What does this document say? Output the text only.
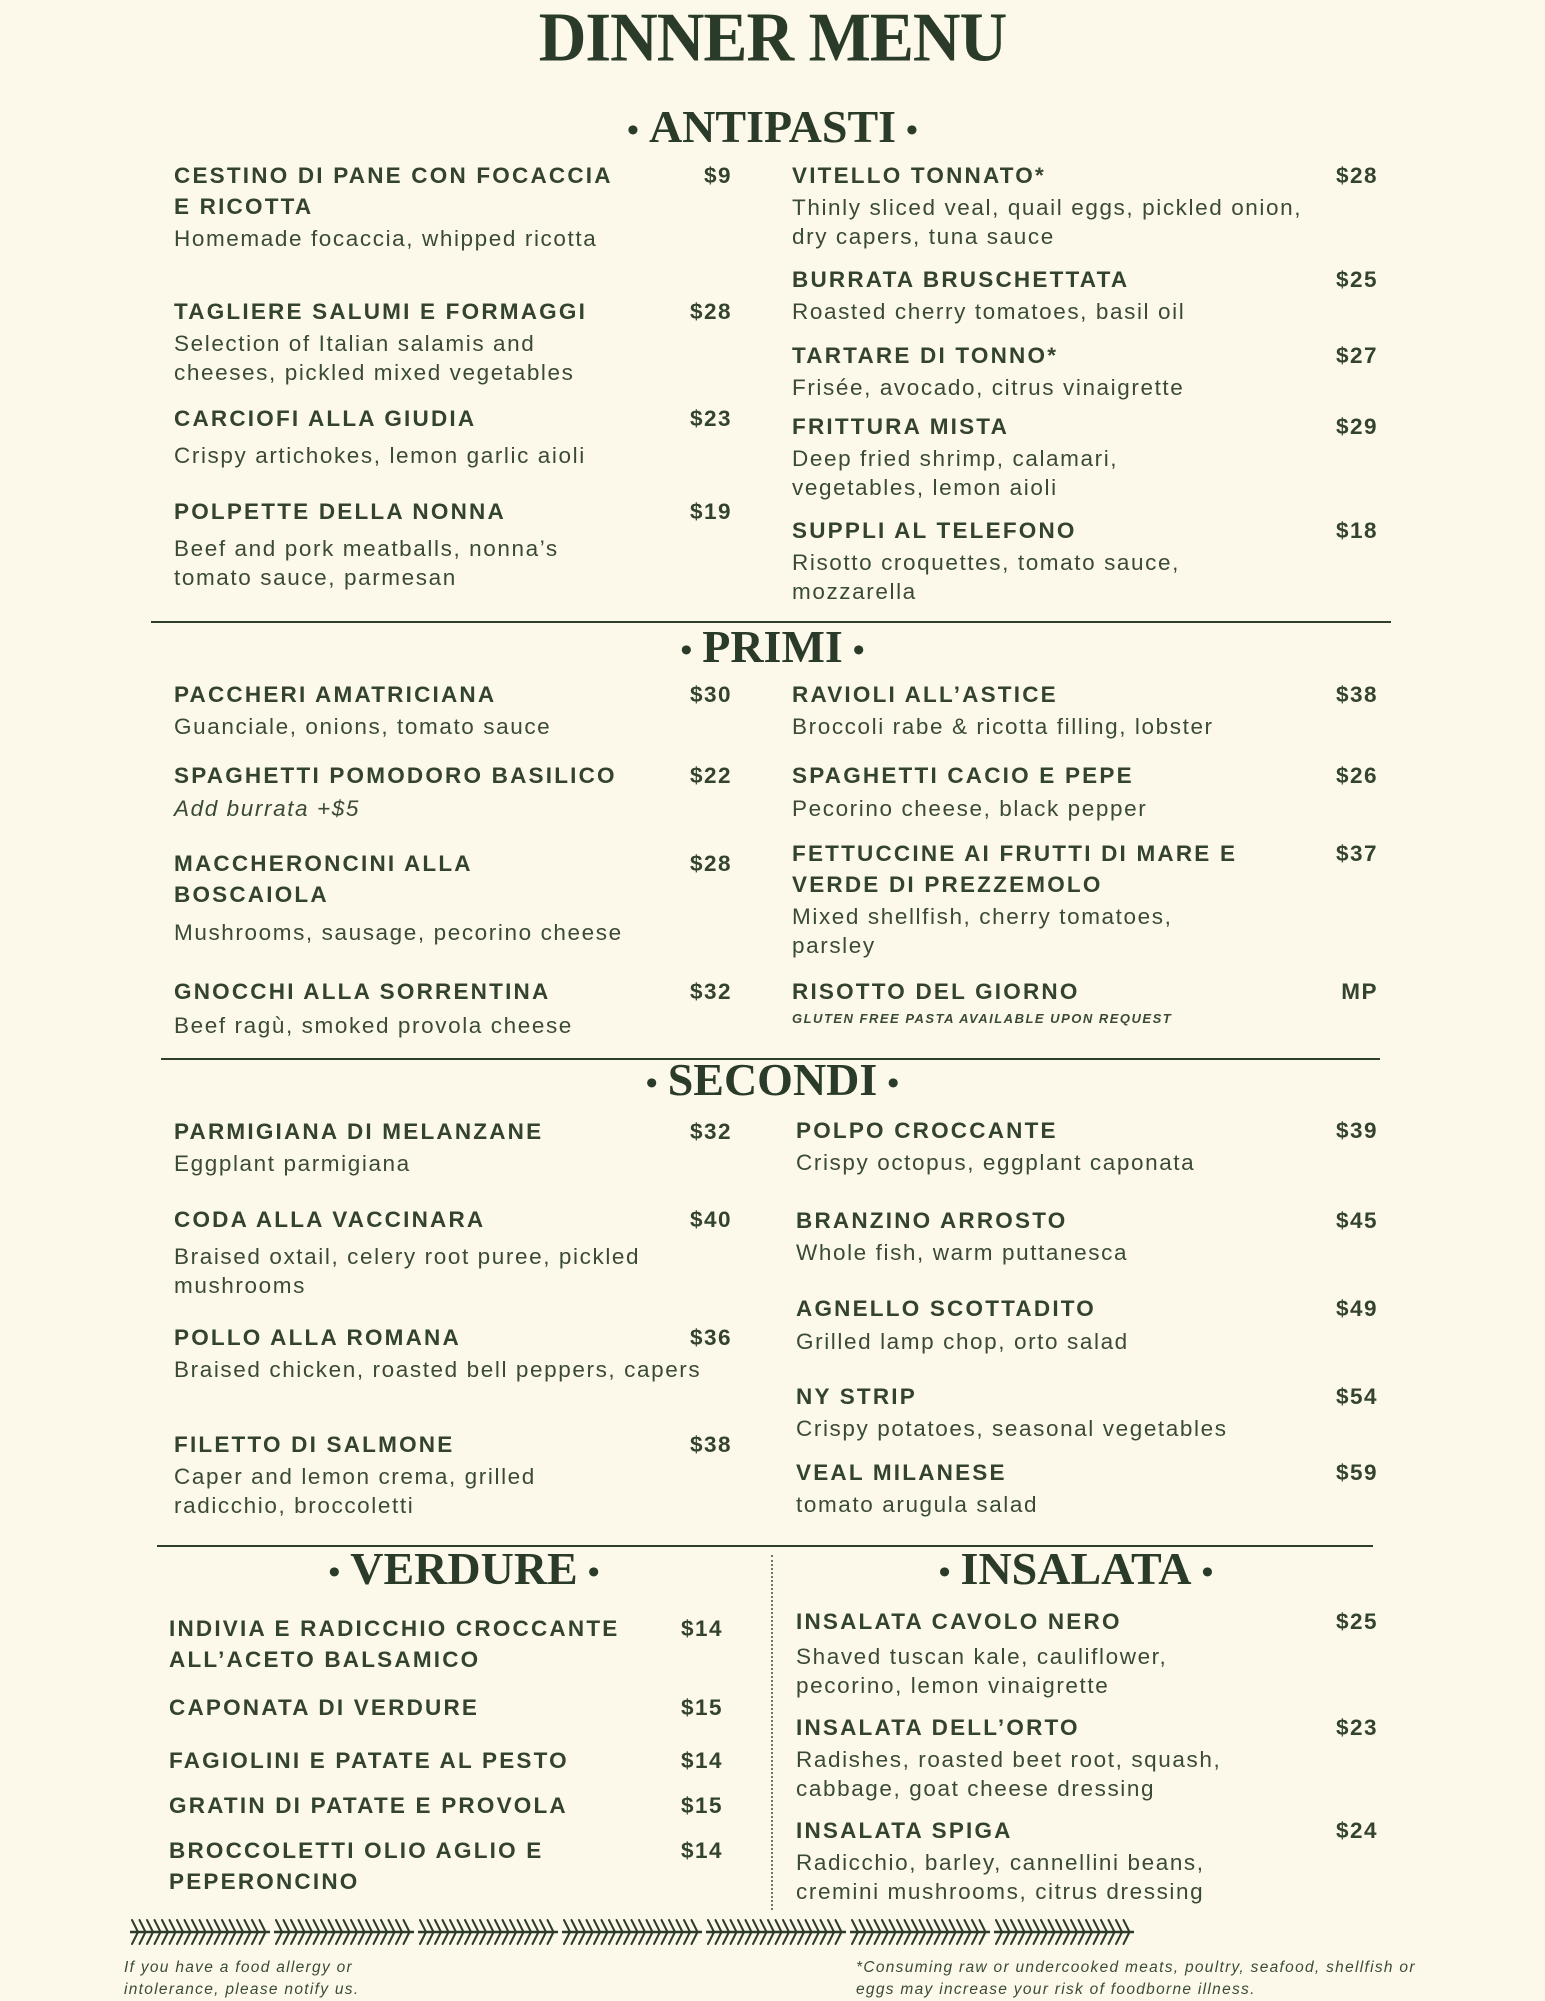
DINNER MENU
• ANTIPASTI •
CESTINO DI PANE CON FOCACCIA E RICOTTA
$9
Homemade focaccia, whipped ricotta
TAGLIERE SALUMI E FORMAGGI	$28
Selection of Italian salamis and cheeses, pickled mixed vegetables
CARCIOFI ALLA GIUDIA	$23
Crispy artichokes, lemon garlic aioli
POLPETTE DELLA NONNA	$19
Beef and pork meatballs, nonna’s tomato sauce, parmesan
VITELLO TONNATO*	$28
Thinly sliced veal, quail eggs, pickled onion, dry capers, tuna sauce
BURRATA BRUSCHETTATA	$25
Roasted cherry tomatoes, basil oil
TARTARE DI TONNO*	$27
Frisée, avocado, citrus vinaigrette
FRITTURA MISTA	$29
Deep fried shrimp, calamari, vegetables, lemon aioli
SUPPLI AL TELEFONO	$18
Risotto croquettes, tomato sauce, mozzarella
• PRIMI •
PACCHERI AMATRICIANA	$30
Guanciale, onions, tomato sauce
SPAGHETTI POMODORO BASILICO	$22
Add burrata +$5
MACCHERONCINI ALLA BOSCAIOLA
$28
Mushrooms, sausage, pecorino cheese
GNOCCHI ALLA SORRENTINA	$32
Beef ragù, smoked provola cheese
RAVIOLI ALL’ASTICE	$38
Broccoli rabe & ricotta filling, lobster
SPAGHETTI CACIO E PEPE	$26
Pecorino cheese, black pepper
FETTUCCINE AI FRUTTI DI MARE E VERDE DI PREZZEMOLO
$37
Mixed shellfish, cherry tomatoes, parsley
RISOTTO DEL GIORNO	MP
GLUTEN FREE PASTA AVAILABLE UPON REQUEST
• SECONDI •
PARMIGIANA DI MELANZANE	$32
Eggplant parmigiana
CODA ALLA VACCINARA	$40
Braised oxtail, celery root puree, pickled mushrooms
POLLO ALLA ROMANA	$36
Braised chicken, roasted bell peppers, capers
FILETTO DI SALMONE	$38
Caper and lemon crema, grilled radicchio, broccoletti
POLPO CROCCANTE	$39
Crispy octopus, eggplant caponata
BRANZINO ARROSTO	$45
Whole fish, warm puttanesca
AGNELLO SCOTTADITO	$49
Grilled lamp chop, orto salad
NY STRIP	$54
Crispy potatoes, seasonal vegetables
VEAL MILANESE	$59
tomato arugula salad
• VERDURE •
INDIVIA E RADICCHIO CROCCANTE ALL’ACETO BALSAMICO
$14
CAPONATA DI VERDURE	$15
FAGIOLINI E PATATE AL PESTO	$14
GRATIN DI PATATE E PROVOLA	$15
BROCCOLETTI OLIO AGLIO E PEPERONCINO
$14
• INSALATA •
INSALATA CAVOLO NERO	$25
Shaved tuscan kale, cauliflower, pecorino, lemon vinaigrette
INSALATA DELL’ORTO	$23
Radishes, roasted beet root, squash, cabbage, goat cheese dressing
INSALATA SPIGA	$24
Radicchio, barley, cannellini beans, cremini mushrooms, citrus dressing
If you have a food allergy or intolerance, please notify us.
*Consuming raw or undercooked meats, poultry, seafood, shellfish or eggs may increase your risk of foodborne illness.
